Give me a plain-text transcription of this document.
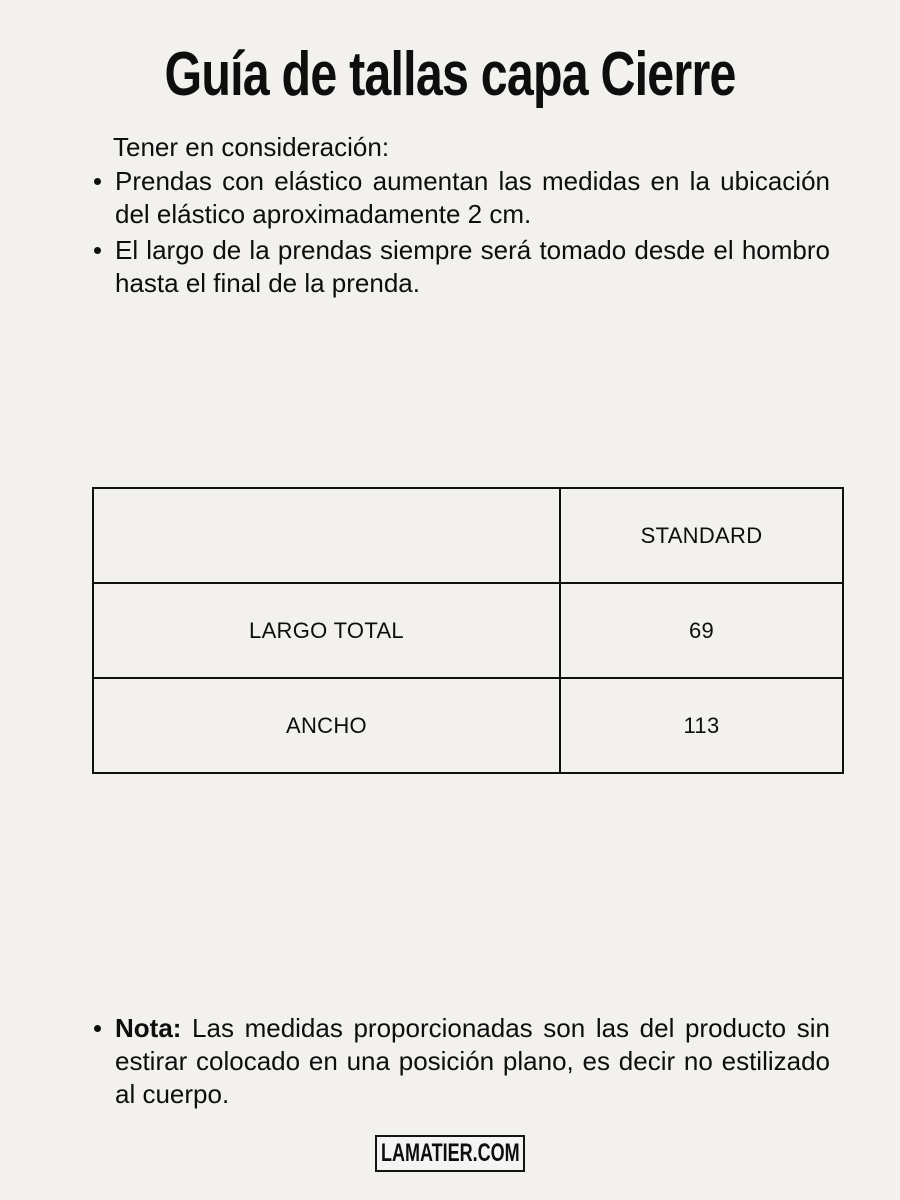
Guía de tallas capa Cierre
Tener en consideración:
Prendas con elástico aumentan las medidas en la ubicación del elástico aproximadamente 2 cm.
El largo de la prendas siempre será tomado desde el hombro hasta el final de la prenda.
	STANDARD
LARGO TOTAL	69
ANCHO	113
Nota: Las medidas proporcionadas son las del producto sin estirar colocado en una posición plano, es decir no estilizado al cuerpo.
LAMATIER.COM
